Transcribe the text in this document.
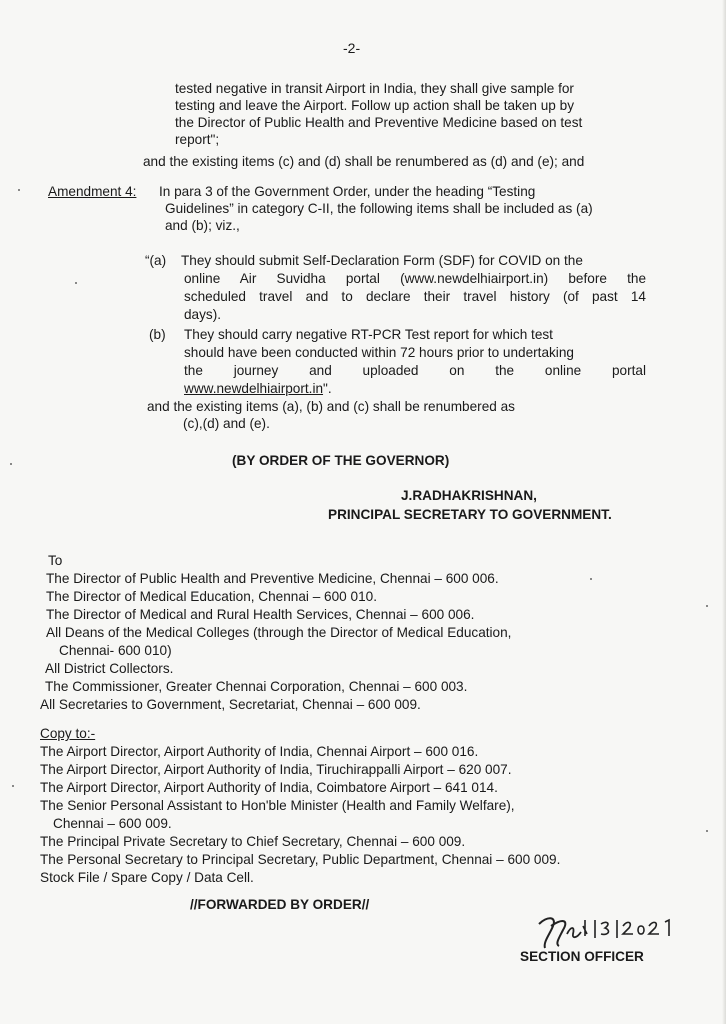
-2-
tested negative in transit Airport in India, they shall give sample for
testing and leave the Airport. Follow up action shall be taken up by
the Director of Public Health and Preventive Medicine based on test
report";
and the existing items (c) and (d) shall be renumbered as (d) and (e); and
Amendment 4: In para 3 of the Government Order, under the heading “Testing
Guidelines” in category C-II, the following items shall be included as (a)
and (b); viz.,
“(a) They should submit Self-Declaration Form (SDF) for COVID on the
online Air Suvidha portal (www.newdelhiairport.in) before the
scheduled travel and to declare their travel history (of past 14
days).
(b) They should carry negative RT-PCR Test report for which test
should have been conducted within 72 hours prior to undertaking
the journey and uploaded on the online portal
www.newdelhiairport.in".
and the existing items (a), (b) and (c) shall be renumbered as
(c),(d) and (e).
(BY ORDER OF THE GOVERNOR)
J.RADHAKRISHNAN,
PRINCIPAL SECRETARY TO GOVERNMENT.
To
The Director of Public Health and Preventive Medicine, Chennai – 600 006.
The Director of Medical Education, Chennai – 600 010.
The Director of Medical and Rural Health Services, Chennai – 600 006.
All Deans of the Medical Colleges (through the Director of Medical Education,
Chennai- 600 010)
All District Collectors.
The Commissioner, Greater Chennai Corporation, Chennai – 600 003.
All Secretaries to Government, Secretariat, Chennai – 600 009.
Copy to:-
The Airport Director, Airport Authority of India, Chennai Airport – 600 016.
The Airport Director, Airport Authority of India, Tiruchirappalli Airport – 620 007.
The Airport Director, Airport Authority of India, Coimbatore Airport – 641 014.
The Senior Personal Assistant to Hon'ble Minister (Health and Family Welfare),
Chennai – 600 009.
The Principal Private Secretary to Chief Secretary, Chennai – 600 009.
The Personal Secretary to Principal Secretary, Public Department, Chennai – 600 009.
Stock File / Spare Copy / Data Cell.
//FORWARDED BY ORDER//
SECTION OFFICER
